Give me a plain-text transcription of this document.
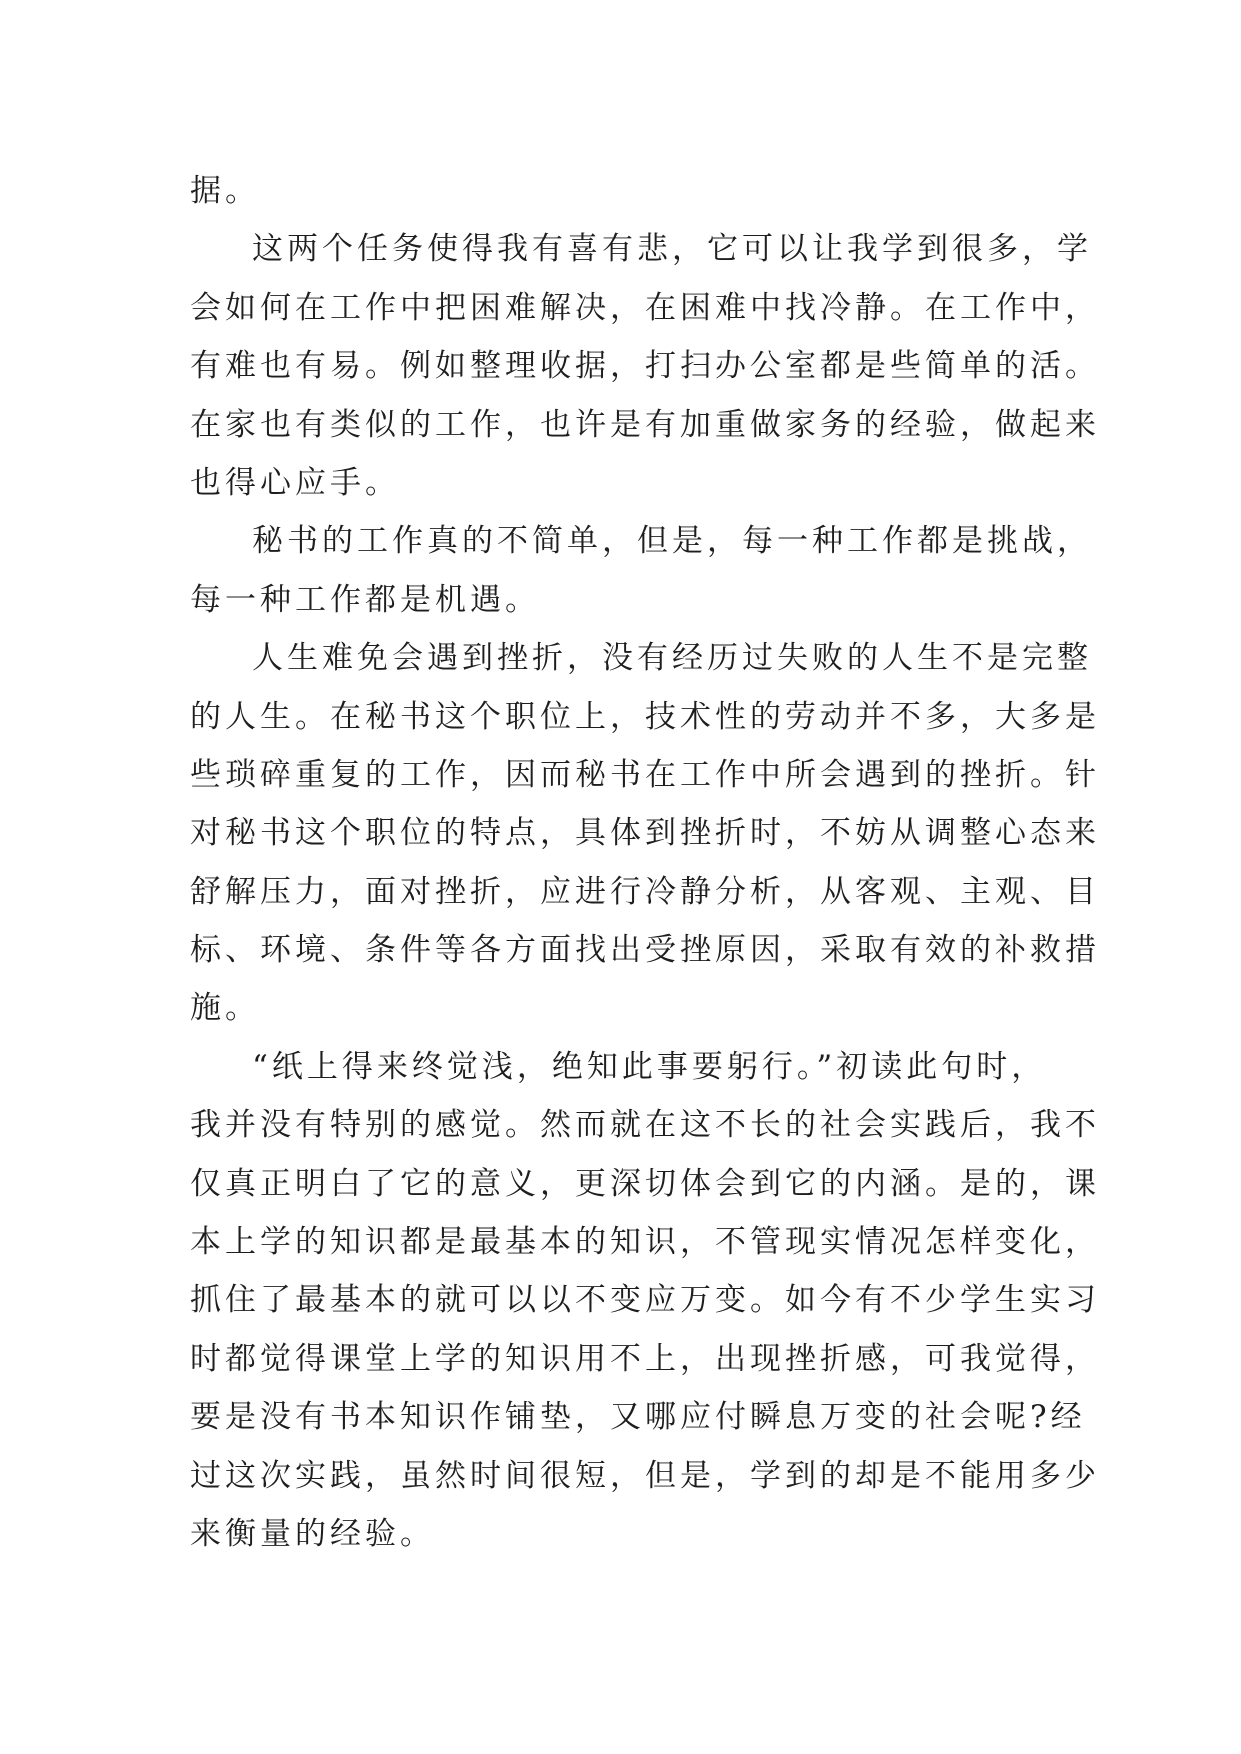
据。
这两个任务使得我有喜有悲，它可以让我学到很多，学
会如何在工作中把困难解决，在困难中找冷静。在工作中，
有难也有易。例如整理收据，打扫办公室都是些简单的活。
在家也有类似的工作，也许是有加重做家务的经验，做起来
也得心应手。
秘书的工作真的不简单，但是，每一种工作都是挑战，
每一种工作都是机遇。
人生难免会遇到挫折，没有经历过失败的人生不是完整
的人生。在秘书这个职位上，技术性的劳动并不多，大多是
些琐碎重复的工作，因而秘书在工作中所会遇到的挫折。针
对秘书这个职位的特点，具体到挫折时，不妨从调整心态来
舒解压力，面对挫折，应进行冷静分析，从客观、主观、目
标、环境、条件等各方面找出受挫原因，采取有效的补救措
施。
“纸上得来终觉浅，绝知此事要躬行。”初读此句时，
我并没有特别的感觉。然而就在这不长的社会实践后，我不
仅真正明白了它的意义，更深切体会到它的内涵。是的，课
本上学的知识都是最基本的知识，不管现实情况怎样变化，
抓住了最基本的就可以以不变应万变。如今有不少学生实习
时都觉得课堂上学的知识用不上，出现挫折感，可我觉得，
要是没有书本知识作铺垫，又哪应付瞬息万变的社会呢?经
过这次实践，虽然时间很短，但是，学到的却是不能用多少
来衡量的经验。
